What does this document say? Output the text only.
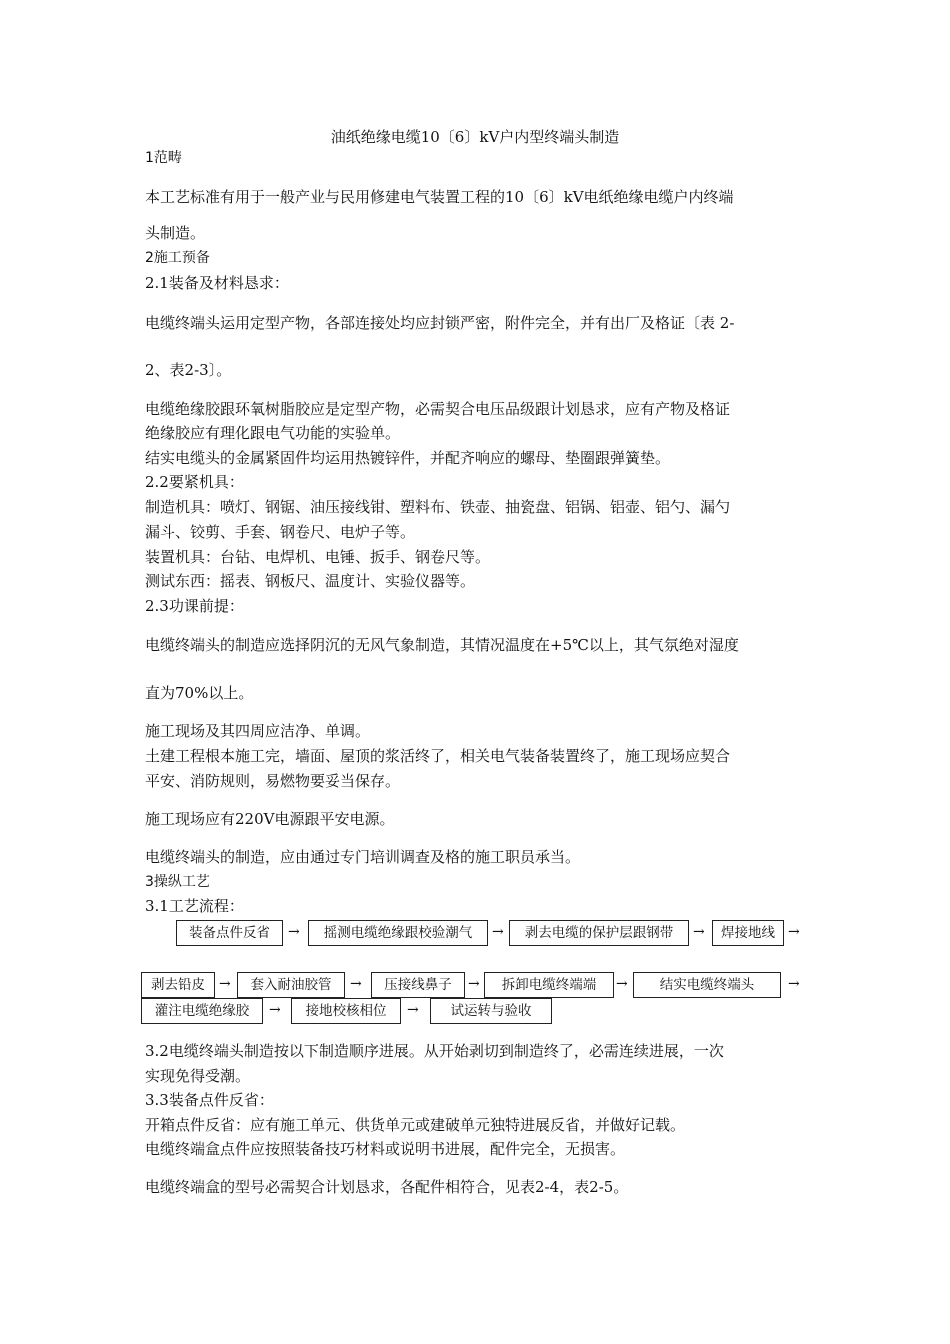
油纸绝缘电缆10〔6〕kV户内型终端头制造
1范畴
本工艺标准有用于一般产业与民用修建电气装置工程的10〔6〕kV电纸绝缘电缆户内终端
头制造。
2施工预备
2.1装备及材料恳求：
电缆终端头运用定型产物，各部连接处均应封锁严密，附件完全，并有出厂及格证〔表 2-
2、表2-3〕。
电缆绝缘胶跟环氧树脂胶应是定型产物，必需契合电压品级跟计划恳求，应有产物及格证
绝缘胶应有理化跟电气功能的实验单。
结实电缆头的金属紧固件均运用热镀锌件，并配齐响应的螺母、垫圈跟弹簧垫。
2.2要紧机具：
制造机具：喷灯、钢锯、油压接线钳、塑料布、铁壶、抽瓷盘、铝锅、铝壶、铝勺、漏勺
漏斗、铰剪、手套、钢卷尺、电炉子等。
装置机具：台钻、电焊机、电锤、扳手、钢卷尺等。
测试东西：摇表、钢板尺、温度计、实验仪器等。
2.3功课前提：
电缆终端头的制造应选择阴沉的无风气象制造，其情况温度在+5℃以上，其气氛绝对湿度
直为70%以上。
施工现场及其四周应洁净、单调。
土建工程根本施工完，墙面、屋顶的浆活终了，相关电气装备装置终了，施工现场应契合
平安、消防规则，易燃物要妥当保存。
施工现场应有220V电源跟平安电源。
电缆终端头的制造，应由通过专门培训调查及格的施工职员承当。
3操纵工艺
3.1工艺流程：
装备点件反省	→	摇测电缆绝缘跟校验潮气	→	剥去电缆的保护层跟钢带	→	焊接地线 →
剥去铅皮	→	套入耐油胶管	→	压接线鼻子	→	拆卸电缆终端端	→	结实电缆终端头	→
灌注电缆绝缘胶	→	接地校核相位	→	试运转与验收
3.2电缆终端头制造按以下制造顺序进展。从开始剥切到制造终了，必需连续进展，一次
实现免得受潮。
3.3装备点件反省：
开箱点件反省：应有施工单元、供货单元或建破单元独特进展反省，并做好记载。
电缆终端盒点件应按照装备技巧材料或说明书进展，配件完全，无损害。
电缆终端盒的型号必需契合计划恳求，各配件相符合，见表2-4，表2-5。
